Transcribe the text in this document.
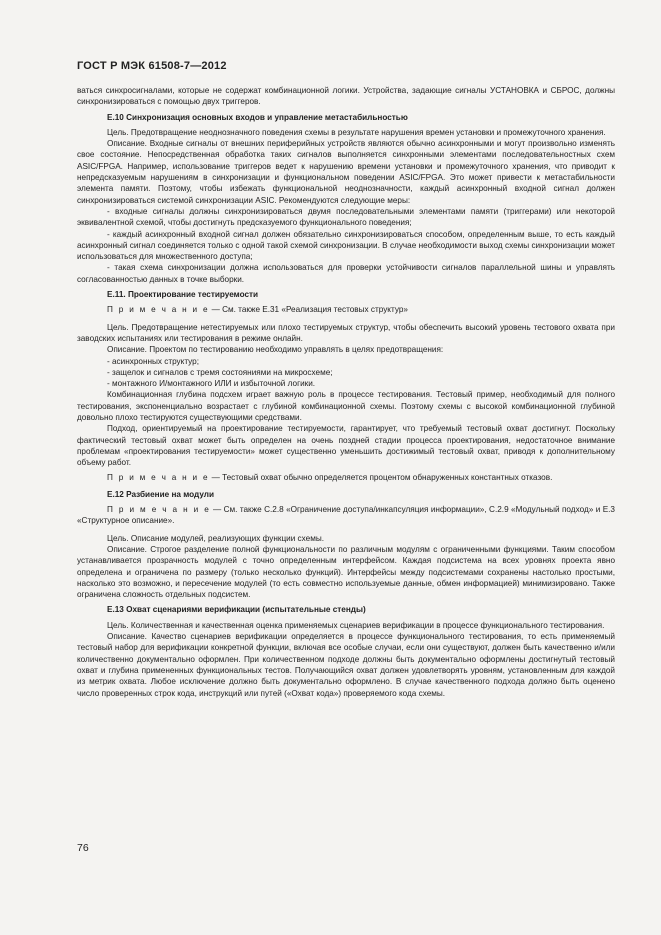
ГОСТ Р МЭК 61508-7—2012

ваться синхросигналами, которые не содержат комбинационной логики. Устройства, задающие сигналы УСТАНОВКА и СБРОС, должны синхронизироваться с помощью двух триггеров.

Е.10 Синхронизация основных входов и управление метастабильностью

Цель. Предотвращение неоднозначного поведения схемы в результате нарушения времен установки и промежуточного хранения.

Описание. Входные сигналы от внешних периферийных устройств являются обычно асинхронными и могут произвольно изменять свое состояние. Непосредственная обработка таких сигналов выполняется синхронными элементами последовательностных схем ASIC/FPGA. Например, использование триггеров ведет к нарушению времени установки и промежуточного хранения, что приводит к непредсказуемым нарушениям в синхронизации и функциональном поведении ASIC/FPGA. Это может привести к метастабильности элемента памяти. Поэтому, чтобы избежать функциональной неоднозначности, каждый асинхронный входной сигнал должен синхронизироваться системой синхронизации ASIC. Рекомендуются следующие меры:

- входные сигналы должны синхронизироваться двумя последовательными элементами памяти (триггерами) или некоторой эквивалентной схемой, чтобы достигнуть предсказуемого функционального поведения;

- каждый асинхронный входной сигнал должен обязательно синхронизироваться способом, определенным выше, то есть каждый асинхронный сигнал соединяется только с одной такой схемой синхронизации. В случае необходимости выход схемы синхронизации может использоваться для множественного доступа;

- такая схема синхронизации должна использоваться для проверки устойчивости сигналов параллельной шины и управлять согласованностью данных в точке выборки.

Е.11. Проектирование тестируемости

П р и м е ч а н и е — См. также Е.31 «Реализация тестовых структур»

Цель. Предотвращение нетестируемых или плохо тестируемых структур, чтобы обеспечить высокий уровень тестового охвата при заводских испытаниях или тестирования в режиме онлайн.

Описание. Проектом по тестированию необходимо управлять в целях предотвращения:

- асинхронных структур;

- защелок и сигналов с тремя состояниями на микросхеме;

- монтажного И/монтажного ИЛИ и избыточной логики.

Комбинационная глубина подсхем играет важную роль в процессе тестирования. Тестовый пример, необходимый для полного тестирования, экспоненциально возрастает с глубиной комбинационной схемы. Поэтому схемы с высокой комбинационной глубиной довольно плохо тестируются существующими средствами.

Подход, ориентируемый на проектирование тестируемости, гарантирует, что требуемый тестовый охват достигнут. Поскольку фактический тестовый охват может быть определен на очень поздней стадии процесса проектирования, недостаточное внимание проблемам «проектирования тестируемости» может существенно уменьшить достижимый тестовый охват, приводя к дополнительному объему работ.

П р и м е ч а н и е — Тестовый охват обычно определяется процентом обнаруженных константных отказов.

Е.12 Разбиение на модули

П р и м е ч а н и е — См. также С.2.8 «Ограничение доступа/инкапсуляция информации», С.2.9 «Модульный подход» и Е.3 «Структурное описание».

Цель. Описание модулей, реализующих функции схемы.

Описание. Строгое разделение полной функциональности по различным модулям с ограниченными функциями. Таким способом устанавливается прозрачность модулей с точно определенным интерфейсом. Каждая подсистема на всех уровнях проекта явно определена и ограничена по размеру (только несколько функций). Интерфейсы между подсистемами сохранены настолько простыми, насколько это возможно, и пересечение модулей (то есть совместно используемые данные, обмен информацией) минимизировано. Также ограничена сложность отдельных подсистем.

Е.13 Охват сценариями верификации (испытательные стенды)

Цель. Количественная и качественная оценка применяемых сценариев верификации в процессе функционального тестирования.

Описание. Качество сценариев верификации определяется в процессе функционального тестирования, то есть применяемый тестовый набор для верификации конкретной функции, включая все особые случаи, если они существуют, должен быть качественно и/или количественно документально оформлен. При количественном подходе должны быть документально оформлены достигнутый тестовый охват и глубина примененных функциональных тестов. Получающийся охват должен удовлетворять уровням, установленным для каждой из метрик охвата. Любое исключение должно быть документально оформлено. В случае качественного подхода должно быть оценено число проверенных строк кода, инструкций или путей («Охват кода») проверяемого кода схемы.

76
